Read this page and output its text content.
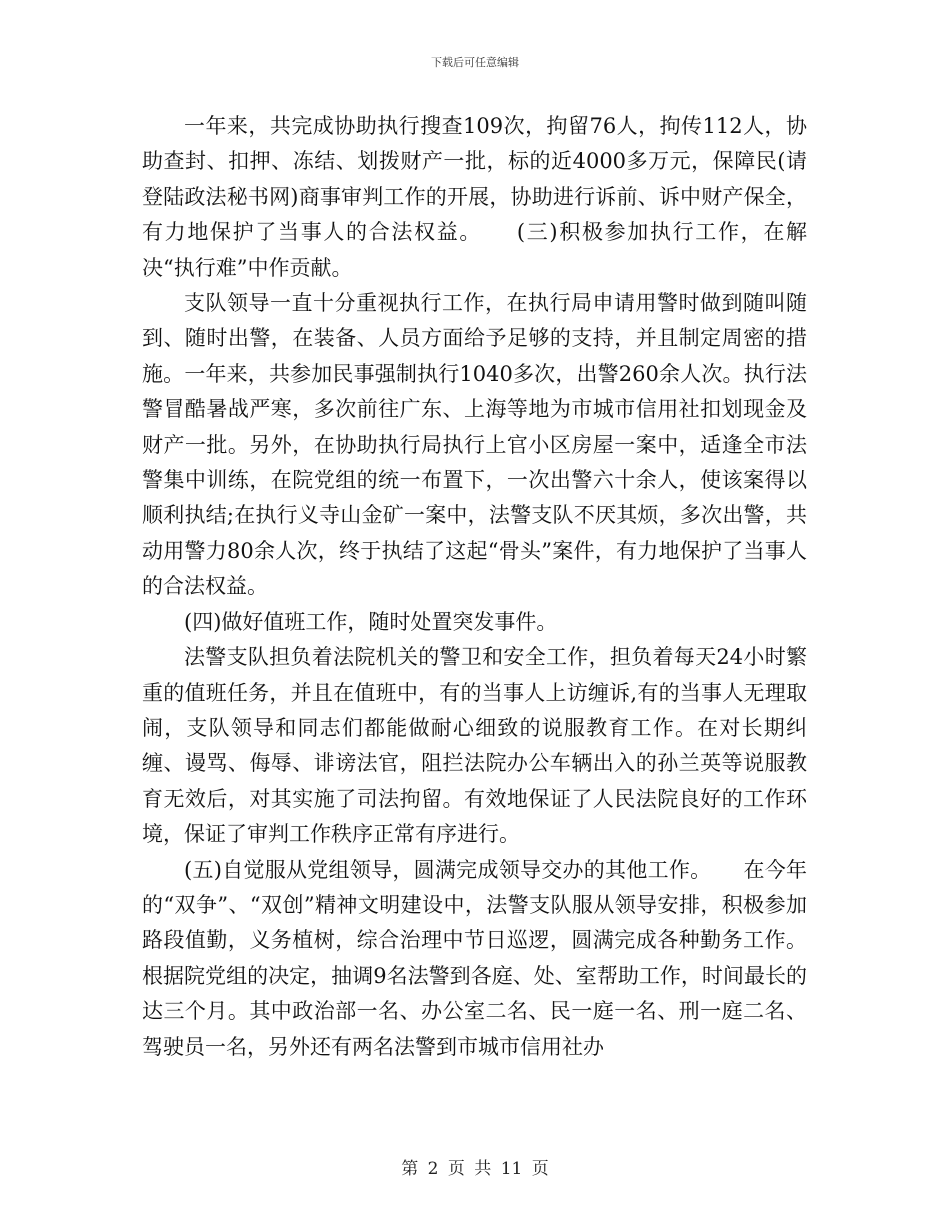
下载后可任意编辑

一年来，共完成协助执行搜查109次，拘留76人，拘传112人，协助查封、扣押、冻结、划拨财产一批，标的近4000多万元，保障民(请登陆政法秘书网)商事审判工作的开展，协助进行诉前、诉中财产保全，有力地保护了当事人的合法权益。　　(三)积极参加执行工作，在解决“执行难”中作贡献。

支队领导一直十分重视执行工作，在执行局申请用警时做到随叫随到、随时出警，在装备、人员方面给予足够的支持，并且制定周密的措施。一年来，共参加民事强制执行1040多次，出警260余人次。执行法警冒酷暑战严寒，多次前往广东、上海等地为市城市信用社扣划现金及财产一批。另外，在协助执行局执行上官小区房屋一案中，适逢全市法警集中训练，在院党组的统一布置下，一次出警六十余人，使该案得以顺利执结;在执行义寺山金矿一案中，法警支队不厌其烦，多次出警，共动用警力80余人次，终于执结了这起“骨头”案件，有力地保护了当事人的合法权益。

(四)做好值班工作，随时处置突发事件。

法警支队担负着法院机关的警卫和安全工作，担负着每天24小时繁重的值班任务，并且在值班中，有的当事人上访缠诉,有的当事人无理取闹，支队领导和同志们都能做耐心细致的说服教育工作。在对长期纠缠、谩骂、侮辱、诽谤法官，阻拦法院办公车辆出入的孙兰英等说服教育无效后，对其实施了司法拘留。有效地保证了人民法院良好的工作环境，保证了审判工作秩序正常有序进行。

(五)自觉服从党组领导，圆满完成领导交办的其他工作。　　在今年的“双争”、“双创”精神文明建设中，法警支队服从领导安排，积极参加路段值勤，义务植树，综合治理中节日巡逻，圆满完成各种勤务工作。根据院党组的决定，抽调9名法警到各庭、处、室帮助工作，时间最长的达三个月。其中政治部一名、办公室二名、民一庭一名、刑一庭二名、驾驶员一名，另外还有两名法警到市城市信用社办

第 2 页 共 11 页
